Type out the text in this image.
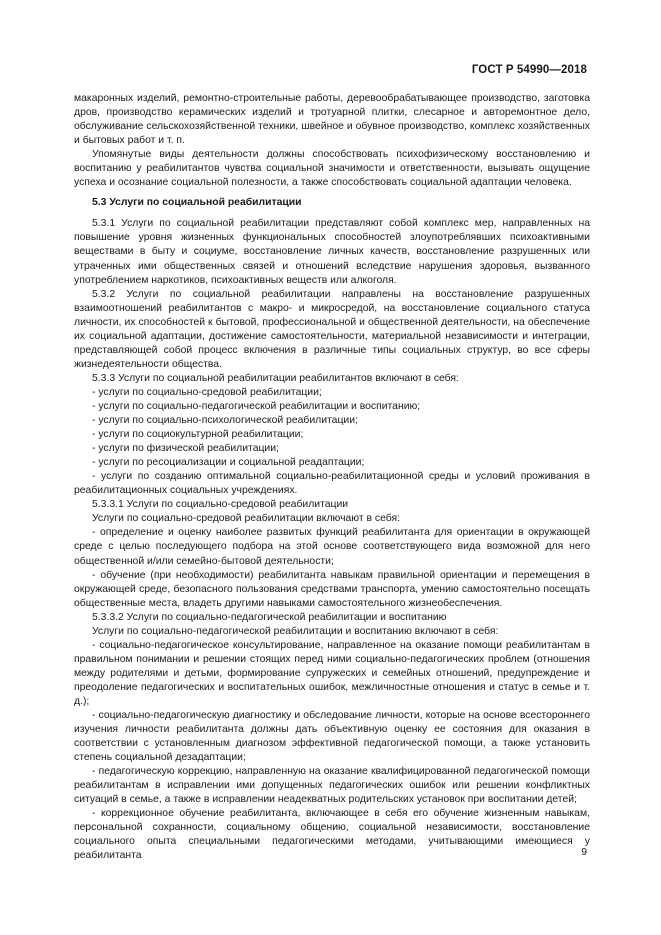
ГОСТ Р 54990—2018

макаронных изделий, ремонтно-строительные работы, деревообрабатывающее производство, заготовка дров, производство керамических изделий и тротуарной плитки, слесарное и авторемонтное дело, обслуживание сельскохозяйственной техники, швейное и обувное производство, комплекс хозяйственных и бытовых работ и т. п.

Упомянутые виды деятельности должны способствовать психофизическому восстановлению и воспитанию у реабилитантов чувства социальной значимости и ответственности, вызывать ощущение успеха и осознание социальной полезности, а также способствовать социальной адаптации человека.

5.3 Услуги по социальной реабилитации

5.3.1 Услуги по социальной реабилитации представляют собой комплекс мер, направленных на повышение уровня жизненных функциональных способностей злоупотреблявших психоактивными веществами в быту и социуме, восстановление личных качеств, восстановление разрушенных или утраченных ими общественных связей и отношений вследствие нарушения здоровья, вызванного употреблением наркотиков, психоактивных веществ или алкоголя.

5.3.2 Услуги по социальной реабилитации направлены на восстановление разрушенных взаимоотношений реабилитантов с макро- и микросредой, на восстановление социального статуса личности, их способностей к бытовой, профессиональной и общественной деятельности, на обеспечение их социальной адаптации, достижение самостоятельности, материальной независимости и интеграции, представляющей собой процесс включения в различные типы социальных структур, во все сферы жизнедеятельности общества.

5.3.3 Услуги по социальной реабилитации реабилитантов включают в себя:

- услуги по социально-средовой реабилитации;

- услуги по социально-педагогической реабилитации и воспитанию;

- услуги по социально-психологической реабилитации;

- услуги по социокультурной реабилитации;

- услуги по физической реабилитации;

- услуги по ресоциализации и социальной реадаптации;

- услуги по созданию оптимальной социально-реабилитационной среды и условий проживания в реабилитационных социальных учреждениях.

5.3.3.1 Услуги по социально-средовой реабилитации

Услуги по социально-средовой реабилитации включают в себя:

- определение и оценку наиболее развитых функций реабилитанта для ориентации в окружающей среде с целью последующего подбора на этой основе соответствующего вида возможной для него общественной и/или семейно-бытовой деятельности;

- обучение (при необходимости) реабилитанта навыкам правильной ориентации и перемещения в окружающей среде, безопасного пользования средствами транспорта, умению самостоятельно посещать общественные места, владеть другими навыками самостоятельного жизнеобеспечения.

5.3.3.2 Услуги по социально-педагогической реабилитации и воспитанию

Услуги по социально-педагогической реабилитации и воспитанию включают в себя:

- социально-педагогическое консультирование, направленное на оказание помощи реабилитантам в правильном понимании и решении стоящих перед ними социально-педагогических проблем (отношения между родителями и детьми, формирование супружеских и семейных отношений, предупреждение и преодоление педагогических и воспитательных ошибок, межличностные отношения и статус в семье и т. д.);

- социально-педагогическую диагностику и обследование личности, которые на основе всестороннего изучения личности реабилитанта должны дать объективную оценку ее состояния для оказания в соответствии с установленным диагнозом эффективной педагогической помощи, а также установить степень социальной дезадаптации;

- педагогическую коррекцию, направленную на оказание квалифицированной педагогической помощи реабилитантам в исправлении ими допущенных педагогических ошибок или решении конфликтных ситуаций в семье, а также в исправлении неадекватных родительских установок при воспитании детей;

- коррекционное обучение реабилитанта, включающее в себя его обучение жизненным навыкам, персональной сохранности, социальному общению, социальной независимости, восстановление социального опыта специальными педагогическими методами, учитывающими имеющиеся у реабилитанта	9
